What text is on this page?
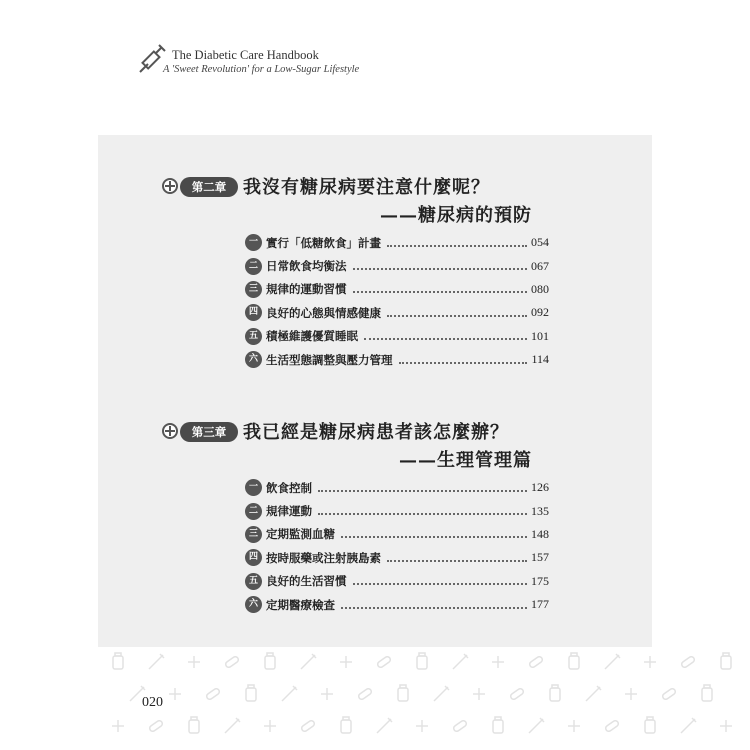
The Diabetic Care Handbook
A 'Sweet Revolution' for a Low-Sugar Lifestyle
第二章 我沒有糖尿病要注意什麼呢？
——糖尿病的預防
一 實行「低糖飲食」計畫	054
二 日常飲食均衡法	067
三 規律的運動習慣	080
四 良好的心態與情感健康	092
五 積極維護優質睡眠	101
六 生活型態調整與壓力管理	114
第三章 我已經是糖尿病患者該怎麼辦？
——生理管理篇
一 飲食控制	126
二 規律運動	135
三 定期監測血糖	148
四 按時服藥或注射胰島素	157
五 良好的生活習慣	175
六 定期醫療檢查	177
020
